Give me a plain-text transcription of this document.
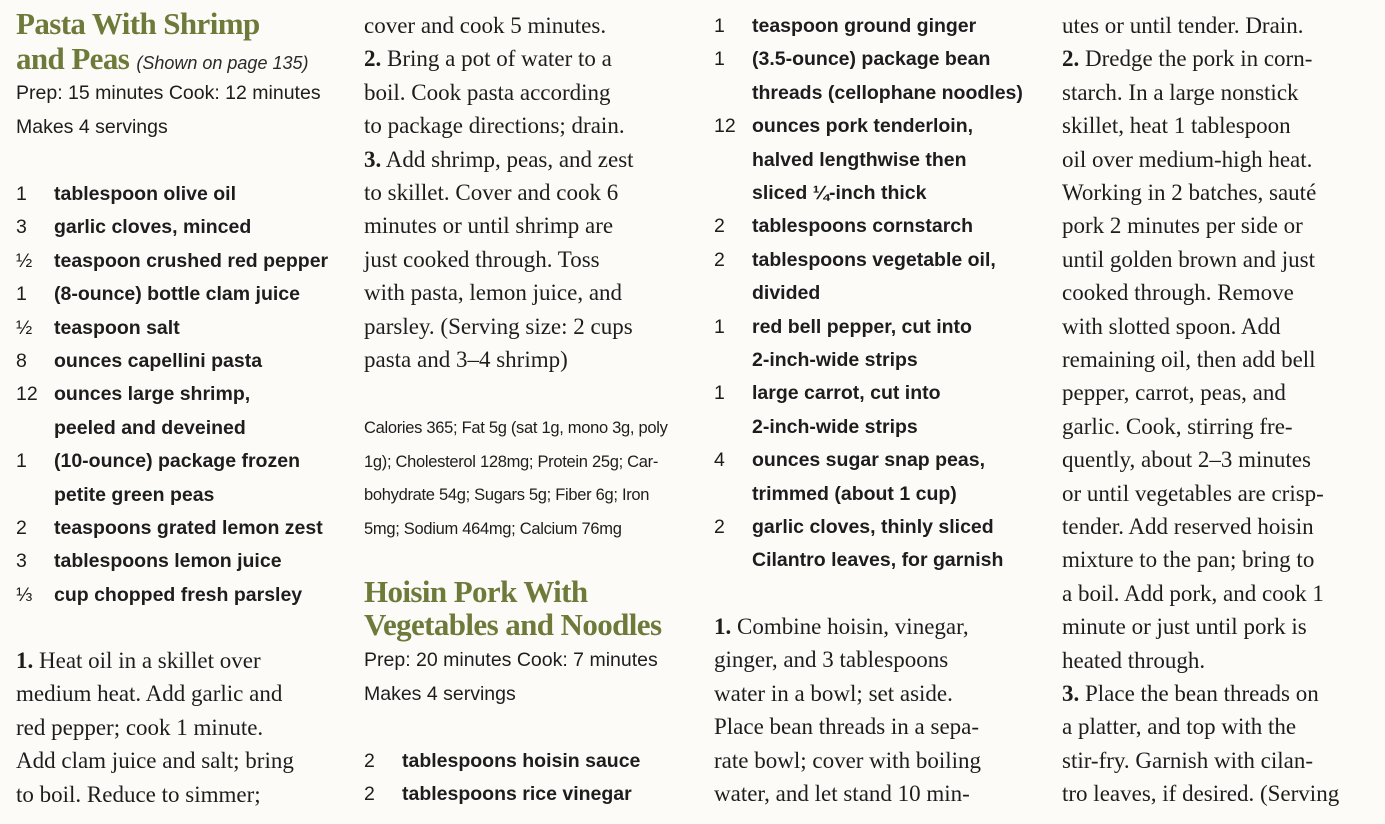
Pasta With Shrimp
and Peas (Shown on page 135)
Prep: 15 minutes Cook: 12 minutes
Makes 4 servings
1 tablespoon olive oil
3 garlic cloves, minced
½ teaspoon crushed red pepper
1 (8-ounce) bottle clam juice
½ teaspoon salt
8 ounces capellini pasta
12 ounces large shrimp,
peeled and deveined
1 (10-ounce) package frozen
petite green peas
2 teaspoons grated lemon zest
3 tablespoons lemon juice
⅓ cup chopped fresh parsley
1. Heat oil in a skillet over
medium heat. Add garlic and
red pepper; cook 1 minute.
Add clam juice and salt; bring
to boil. Reduce to simmer;
cover and cook 5 minutes.
2. Bring a pot of water to a
boil. Cook pasta according
to package directions; drain.
3. Add shrimp, peas, and zest
to skillet. Cover and cook 6
minutes or until shrimp are
just cooked through. Toss
with pasta, lemon juice, and
parsley. (Serving size: 2 cups
pasta and 3–4 shrimp)
Calories 365; Fat 5g (sat 1g, mono 3g, poly
1g); Cholesterol 128mg; Protein 25g; Car-
bohydrate 54g; Sugars 5g; Fiber 6g; Iron
5mg; Sodium 464mg; Calcium 76mg
Hoisin Pork With
Vegetables and Noodles
Prep: 20 minutes Cook: 7 minutes
Makes 4 servings
2 tablespoons hoisin sauce
2 tablespoons rice vinegar
1 teaspoon ground ginger
1 (3.5-ounce) package bean
threads (cellophane noodles)
12 ounces pork tenderloin,
halved lengthwise then
sliced ¼-inch thick
2 tablespoons cornstarch
2 tablespoons vegetable oil,
divided
1 red bell pepper, cut into
2-inch-wide strips
1 large carrot, cut into
2-inch-wide strips
4 ounces sugar snap peas,
trimmed (about 1 cup)
2 garlic cloves, thinly sliced
Cilantro leaves, for garnish
1. Combine hoisin, vinegar,
ginger, and 3 tablespoons
water in a bowl; set aside.
Place bean threads in a sepa-
rate bowl; cover with boiling
water, and let stand 10 min-
utes or until tender. Drain.
2. Dredge the pork in corn-
starch. In a large nonstick
skillet, heat 1 tablespoon
oil over medium-high heat.
Working in 2 batches, sauté
pork 2 minutes per side or
until golden brown and just
cooked through. Remove
with slotted spoon. Add
remaining oil, then add bell
pepper, carrot, peas, and
garlic. Cook, stirring fre-
quently, about 2–3 minutes
or until vegetables are crisp-
tender. Add reserved hoisin
mixture to the pan; bring to
a boil. Add pork, and cook 1
minute or just until pork is
heated through.
3. Place the bean threads on
a platter, and top with the
stir-fry. Garnish with cilan-
tro leaves, if desired. (Serving
